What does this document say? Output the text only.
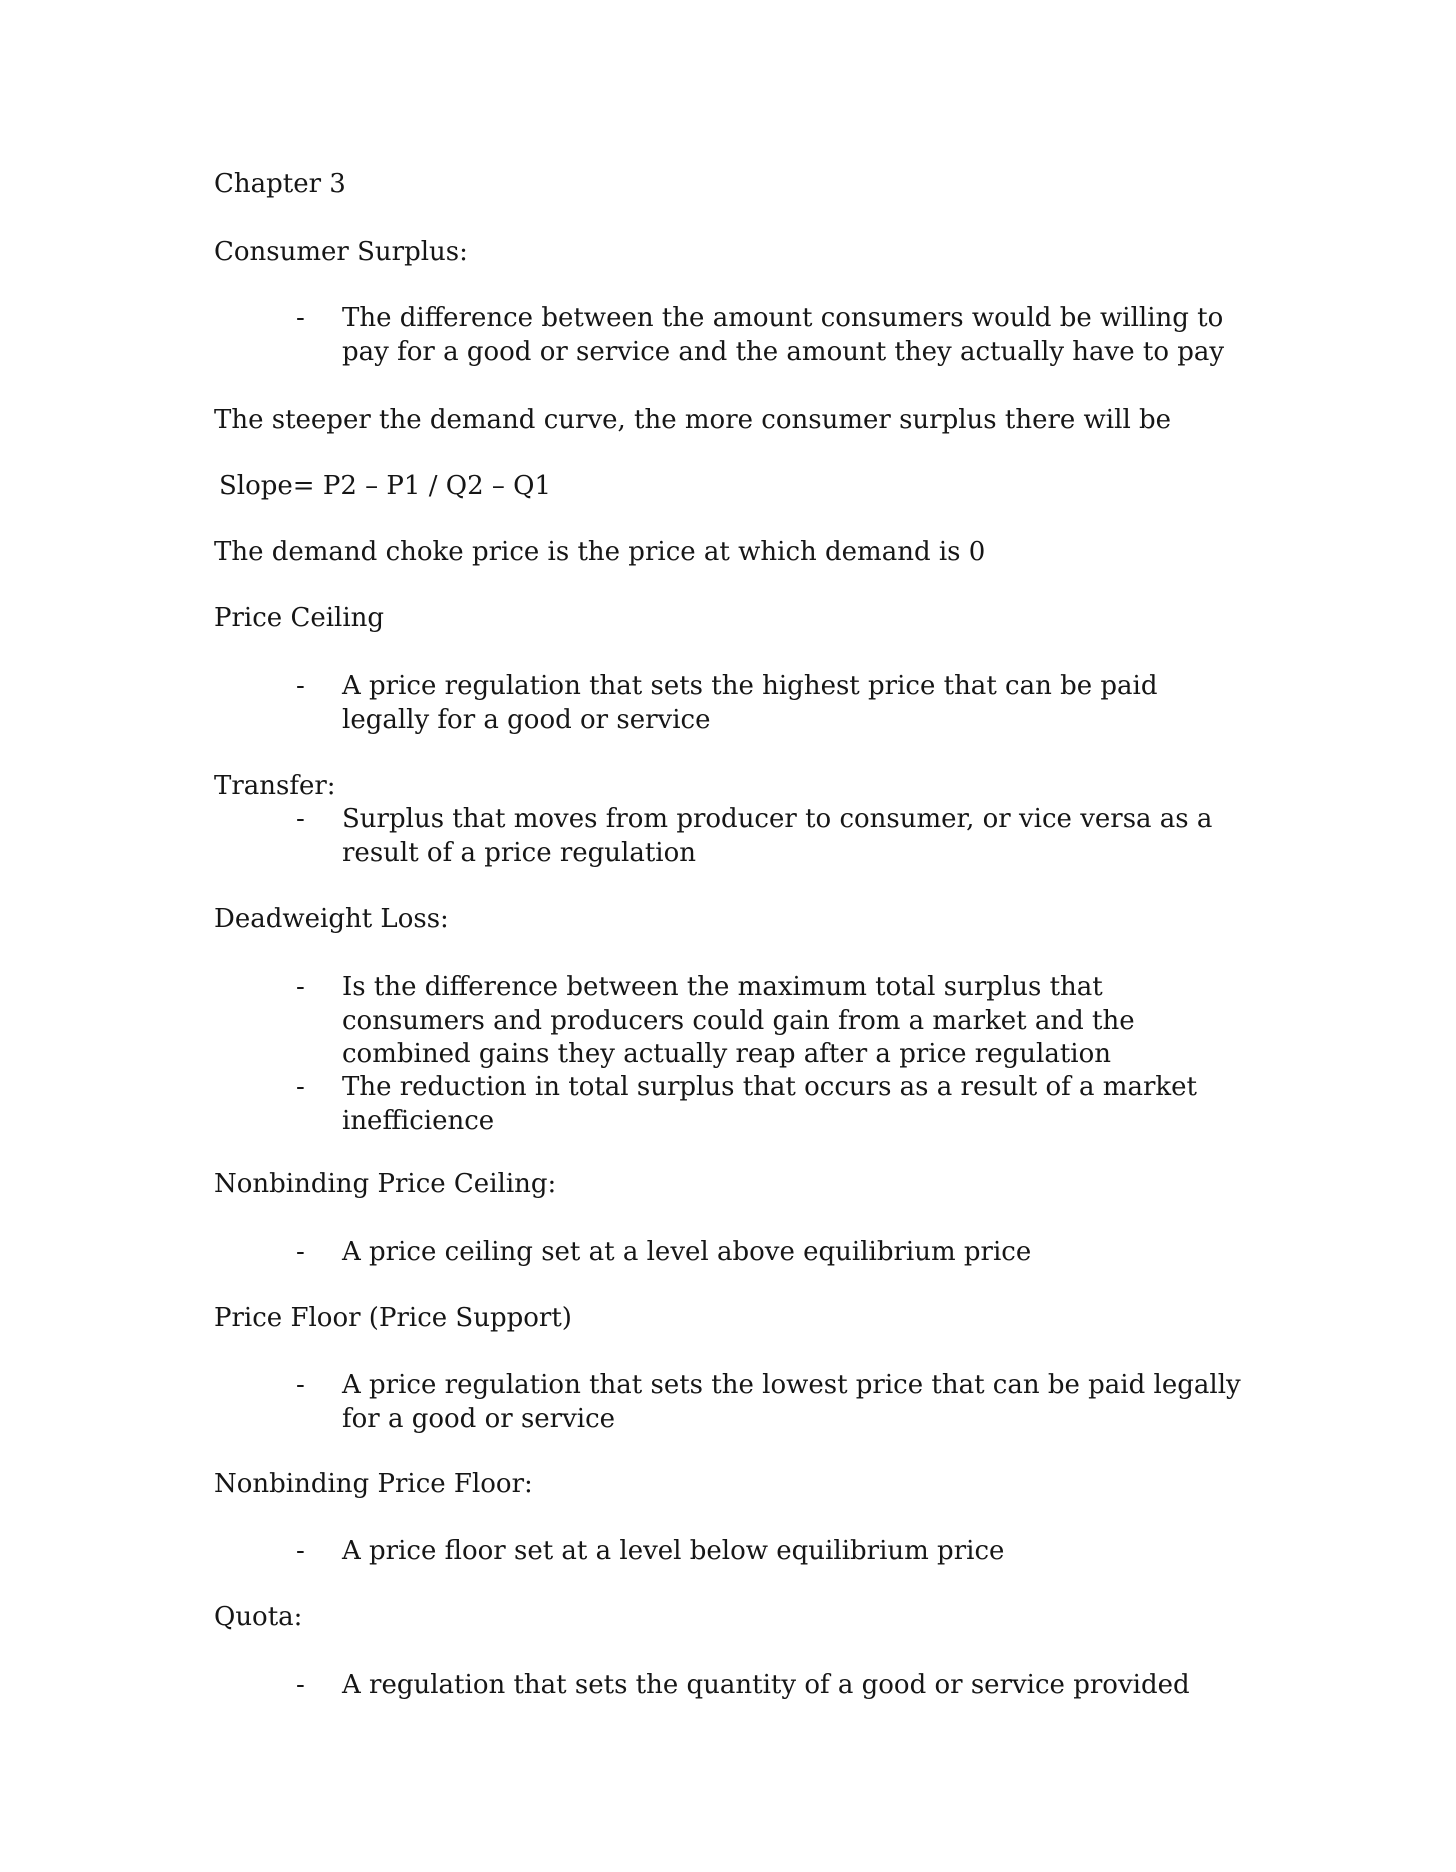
Chapter 3

Consumer Surplus:

- The difference between the amount consumers would be willing to pay for a good or service and the amount they actually have to pay

The steeper the demand curve, the more consumer surplus there will be

Slope= P2 – P1 / Q2 – Q1

The demand choke price is the price at which demand is 0

Price Ceiling

- A price regulation that sets the highest price that can be paid legally for a good or service

Transfer:

- Surplus that moves from producer to consumer, or vice versa as a result of a price regulation

Deadweight Loss:

- Is the difference between the maximum total surplus that consumers and producers could gain from a market and the combined gains they actually reap after a price regulation

- The reduction in total surplus that occurs as a result of a market inefficience

Nonbinding Price Ceiling:

- A price ceiling set at a level above equilibrium price

Price Floor (Price Support)

- A price regulation that sets the lowest price that can be paid legally for a good or service

Nonbinding Price Floor:

- A price floor set at a level below equilibrium price

Quota:

- A regulation that sets the quantity of a good or service provided
